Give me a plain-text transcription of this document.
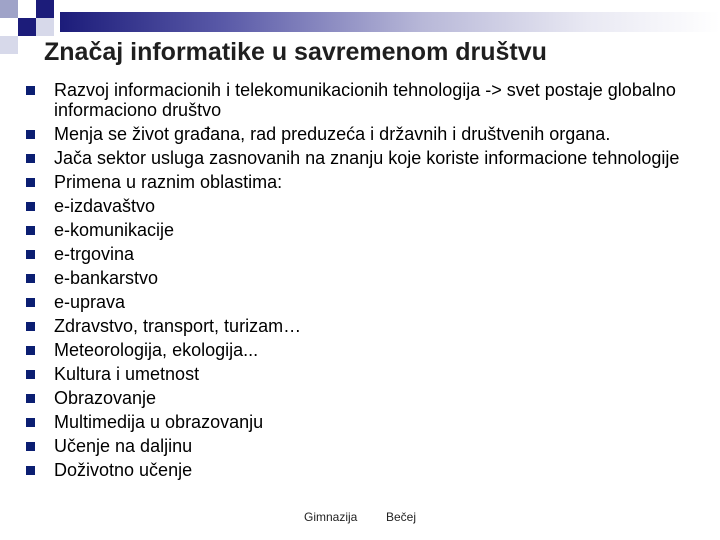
Značaj informatike u savremenom društvu
Razvoj informacionih i telekomunikacionih tehnologija -> svet postaje globalno informaciono društvo
Menja se život građana, rad preduzeća i državnih i društvenih organa.
Jača sektor usluga zasnovanih na znanju koje koriste informacione tehnologije
Primena u raznim oblastima:
e-izdavaštvo
e-komunikacije
e-trgovina
e-bankarstvo
e-uprava
Zdravstvo, transport, turizam…
Meteorologija, ekologija...
Kultura i umetnost
Obrazovanje
Multimedija u obrazovanju
Učenje na daljinu
Doživotno učenje
Gimnazija Bečej
